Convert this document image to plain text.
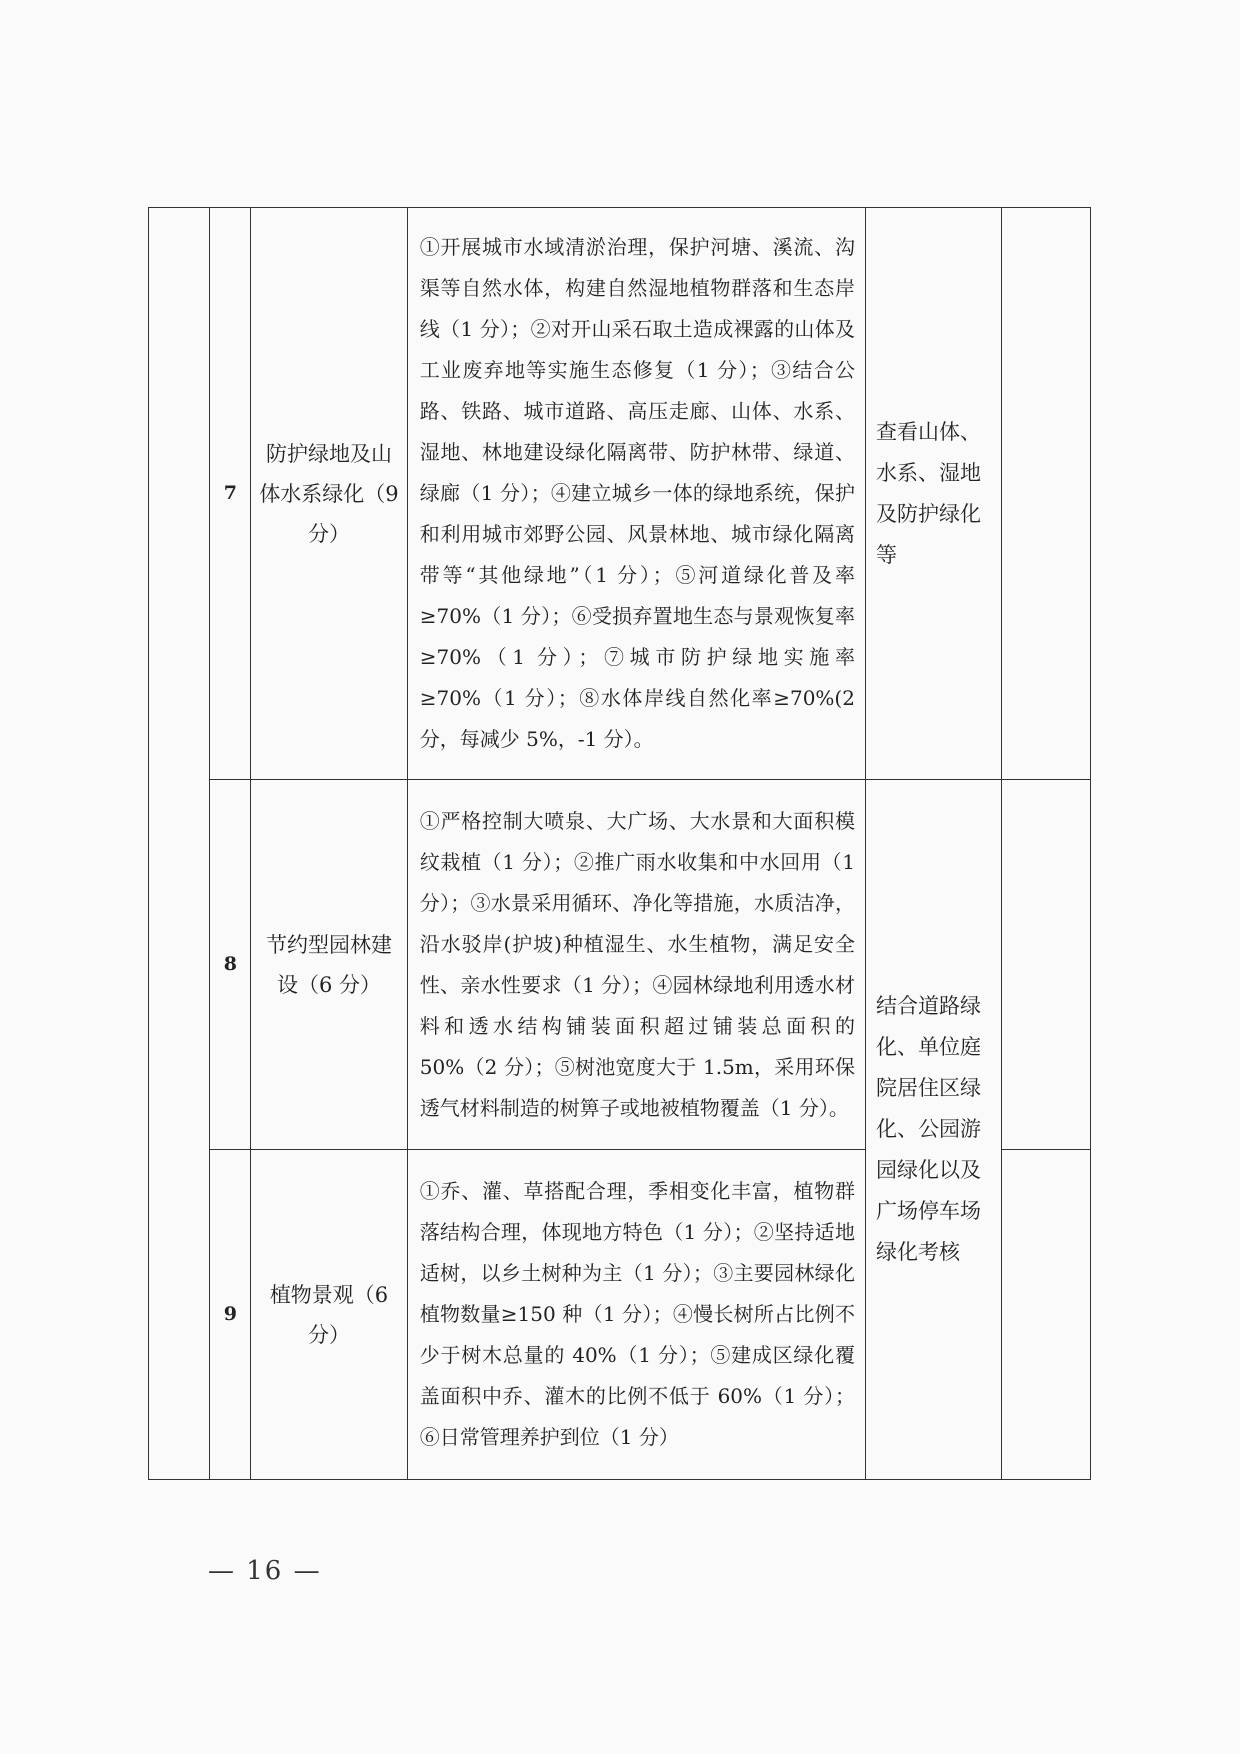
	7	防护绿地及山体水系绿化（9 分）	①开展城市水域清淤治理，保护河塘、溪流、沟渠等自然水体，构建自然湿地植物群落和生态岸线（1 分）；②对开山采石取土造成裸露的山体及工业废弃地等实施生态修复（1 分）；③结合公路、铁路、城市道路、高压走廊、山体、水系、湿地、林地建设绿化隔离带、防护林带、绿道、绿廊（1 分）；④建立城乡一体的绿地系统，保护和利用城市郊野公园、风景林地、城市绿化隔离带等“其他绿地”（1 分）；⑤河道绿化普及率≥70%（1 分）；⑥受损弃置地生态与景观恢复率≥70%（1 分）；⑦城市防护绿地实施率≥70%（1 分）；⑧水体岸线自然化率≥70%(2 分，每减少 5%，-1 分）。	查看山体、水系、湿地及防护绿化等	
	8	节约型园林建设（6 分）	①严格控制大喷泉、大广场、大水景和大面积模纹栽植（1 分）；②推广雨水收集和中水回用（1 分）；③水景采用循环、净化等措施，水质洁净，沿水驳岸(护坡)种植湿生、水生植物，满足安全性、亲水性要求（1 分）；④园林绿地利用透水材料和透水结构铺装面积超过铺装总面积的 50%（2 分）；⑤树池宽度大于 1.5m，采用环保透气材料制造的树箅子或地被植物覆盖（1 分）。	结合道路绿化、单位庭院居住区绿化、公园游园绿化以及广场停车场绿化考核	
	9	植物景观（6 分）	①乔、灌、草搭配合理，季相变化丰富，植物群落结构合理，体现地方特色（1 分）；②坚持适地适树，以乡土树种为主（1 分）；③主要园林绿化植物数量≥150 种（1 分）；④慢长树所占比例不少于树木总量的 40%（1 分）；⑤建成区绿化覆盖面积中乔、灌木的比例不低于 60%（1 分）；⑥日常管理养护到位（1 分）		
— 16 —
